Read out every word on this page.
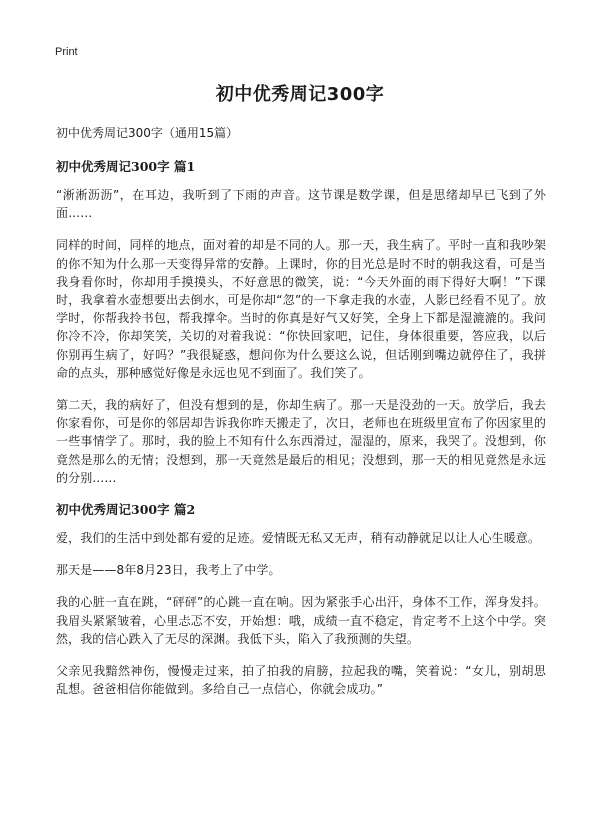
Print
初中优秀周记300字
初中优秀周记300字（通用15篇）
初中优秀周记300字 篇1

“淅淅沥沥”，在耳边，我听到了下雨的声音。这节课是数学课，但是思绪却早已飞到了外面……

同样的时间，同样的地点，面对着的却是不同的人。那一天，我生病了。平时一直和我吵架的你不知为什么那一天变得异常的安静。上课时，你的目光总是时不时的朝我这看，可是当我身看你时，你却用手摸摸头，不好意思的微笑，说：“今天外面的雨下得好大啊！”下课时，我拿着水壶想要出去倒水，可是你却“忽”的一下拿走我的水壶，人影已经看不见了。放学时，你帮我拎书包，帮我撑伞。当时的你真是好气又好笑，全身上下都是湿漉漉的。我问你冷不冷，你却笑笑，关切的对着我说：“你快回家吧，记住，身体很重要，答应我，以后你别再生病了，好吗？”我很疑惑，想问你为什么要这么说，但话刚到嘴边就停住了，我拼命的点头，那种感觉好像是永远也见不到面了。我们笑了。

第二天，我的病好了，但没有想到的是，你却生病了。那一天是没劲的一天。放学后，我去你家看你，可是你的邻居却告诉我你昨天搬走了，次日，老师也在班级里宣布了你因家里的一些事情学了。那时，我的脸上不知有什么东西滑过，湿湿的，原来，我哭了。没想到，你竟然是那么的无情；没想到，那一天竟然是最后的相见；没想到，那一天的相见竟然是永远的分别……

初中优秀周记300字 篇2

爱，我们的生活中到处都有爱的足迹。爱情既无私又无声，稍有动静就足以让人心生暖意。

那天是——8年8月23日，我考上了中学。

我的心脏一直在跳，“砰砰”的心跳一直在响。因为紧张手心出汗，身体不工作，浑身发抖。我眉头紧紧皱着，心里忐忑不安，开始想：哦，成绩一直不稳定，肯定考不上这个中学。突然，我的信心跌入了无尽的深渊。我低下头，陷入了我预测的失望。

父亲见我黯然神伤，慢慢走过来，拍了拍我的肩膀，拉起我的嘴，笑着说：“女儿，别胡思乱想。爸爸相信你能做到。多给自己一点信心，你就会成功。”
